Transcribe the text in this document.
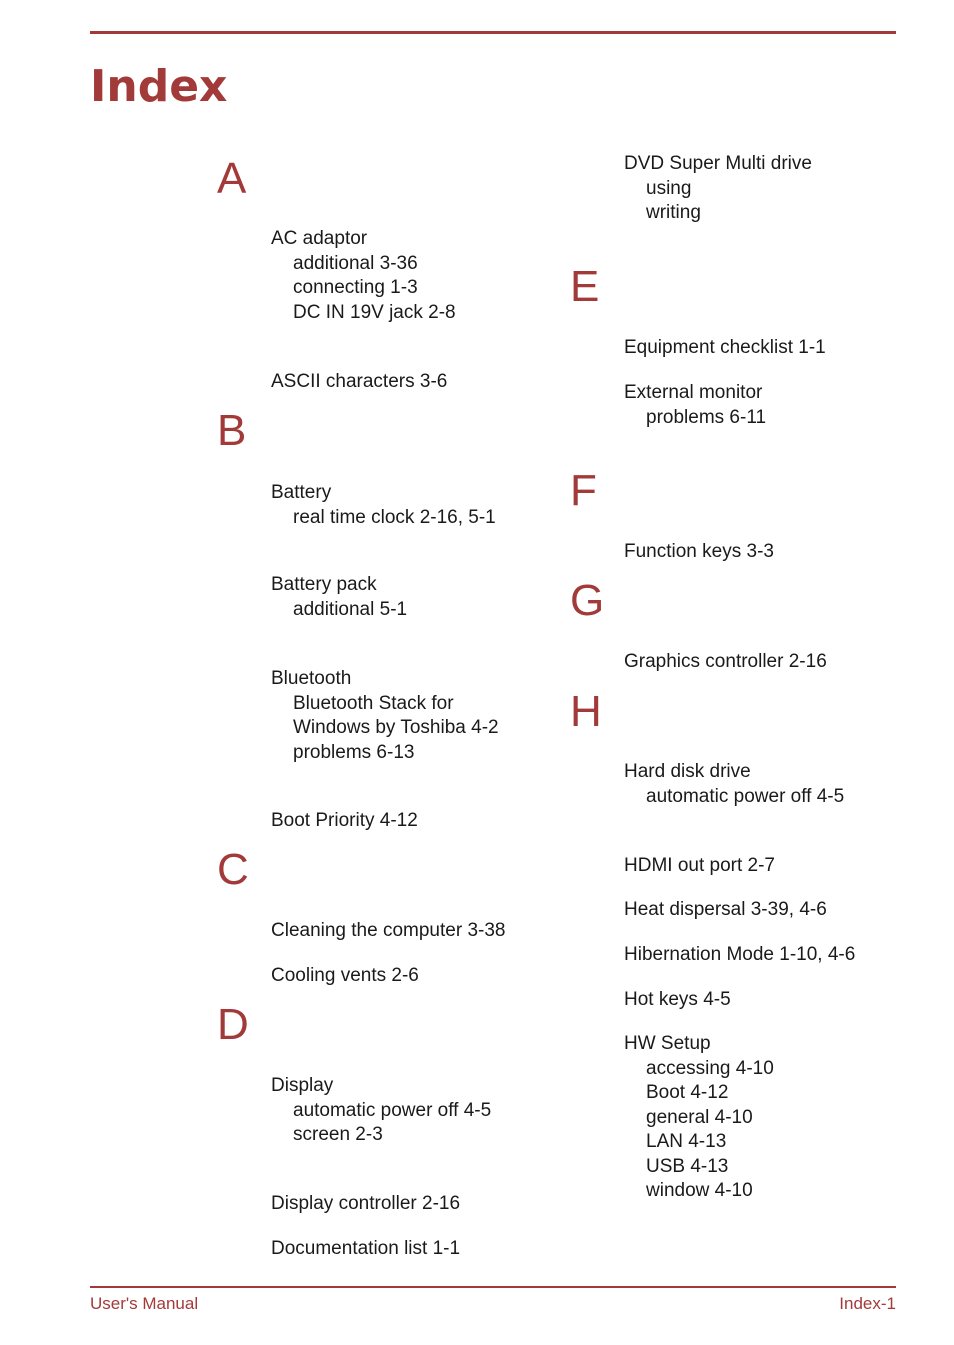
Index
A
AC adaptor
additional 3-36
connecting 1-3
DC IN 19V jack 2-8
ASCII characters 3-6
B
Battery
real time clock 2-16, 5-1
Battery pack
additional 5-1
Bluetooth
Bluetooth Stack for
Windows by Toshiba 4-2
problems 6-13
Boot Priority 4-12
C
Cleaning the computer 3-38
Cooling vents 2-6
D
Display
automatic power off 4-5
screen 2-3
Display controller 2-16
Documentation list 1-1
DVD Super Multi drive
using
writing
E
Equipment checklist 1-1
External monitor
problems 6-11
F
Function keys 3-3
G
Graphics controller 2-16
H
Hard disk drive
automatic power off 4-5
HDMI out port 2-7
Heat dispersal 3-39, 4-6
Hibernation Mode 1-10, 4-6
Hot keys 4-5
HW Setup
accessing 4-10
Boot 4-12
general 4-10
LAN 4-13
USB 4-13
window 4-10
User's Manual	Index-1
